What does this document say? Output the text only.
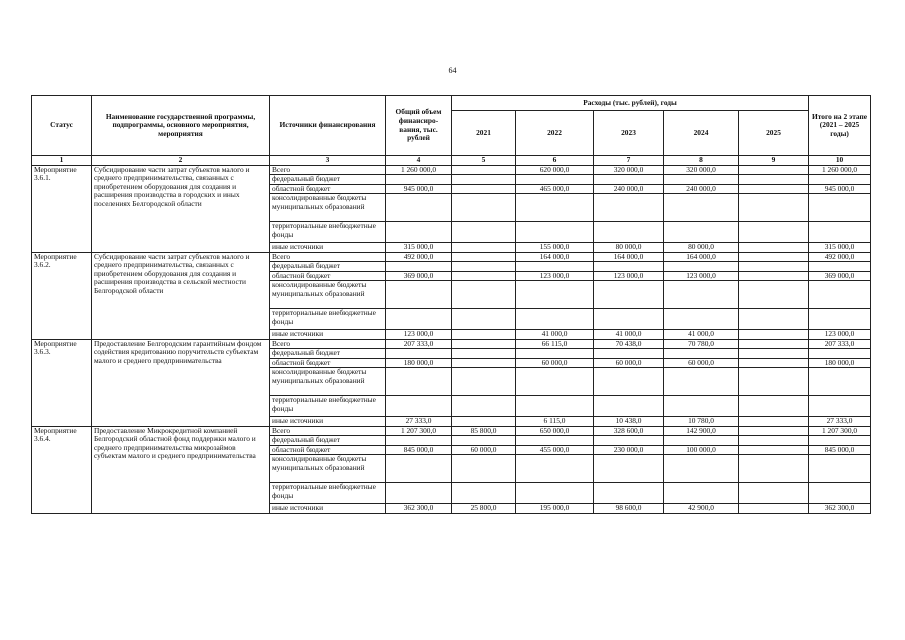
64
Статус	Наименование государственной программы, подпрограммы, основного мероприятия, мероприятия	Источники финансирования	Общий объем финансиро-вания, тыс. рублей	Расходы (тыс. рублей), годы					Итого на 2 этапе (2021 – 2025 годы)
				2021	2022	2023	2024	2025	
1	2	3	4	5	6	7	8	9	10
Мероприятие 3.6.1.	Субсидирование части затрат субъектов малого и среднего предпринимательства, связанных с приобретением оборудования для создания и расширения производства в городских и иных поселениях Белгородской области	Всего	1 260 000,0		620 000,0	320 000,0	320 000,0		1 260 000,0
		федеральный бюджет							
		областной бюджет	945 000,0		465 000,0	240 000,0	240 000,0		945 000,0
		консолидированные бюджеты муниципальных образований							
		территориальные внебюджетные фонды							
		иные источники	315 000,0		155 000,0	80 000,0	80 000,0		315 000,0
Мероприятие 3.6.2.	Субсидирование части затрат субъектов малого и среднего предпринимательства, связанных с приобретением оборудования для создания и расширения производства в сельской местности Белгородской области	Всего	492 000,0		164 000,0	164 000,0	164 000,0		492 000,0
		федеральный бюджет							
		областной бюджет	369 000,0		123 000,0	123 000,0	123 000,0		369 000,0
		консолидированные бюджеты муниципальных образований							
		территориальные внебюджетные фонды							
		иные источники	123 000,0		41 000,0	41 000,0	41 000,0		123 000,0
Мероприятие 3.6.3.	Предоставление Белгородским гарантийным фондом содействия кредитованию поручительств субъектам малого и среднего предпринимательства	Всего	207 333,0		66 115,0	70 438,0	70 780,0		207 333,0
		федеральный бюджет							
		областной бюджет	180 000,0		60 000,0	60 000,0	60 000,0		180 000,0
		консолидированные бюджеты муниципальных образований							
		территориальные внебюджетные фонды							
		иные источники	27 333,0		6 115,0	10 438,0	10 780,0		27 333,0
Мероприятие 3.6.4.	Предоставление Микрокредитной компанией Белгородский областной фонд поддержки малого и среднего предпринимательства микрозаймов субъектам малого и среднего предпринимательства	Всего	1 207 300,0	85 800,0	650 000,0	328 600,0	142 900,0		1 207 300,0
		федеральный бюджет							
		областной бюджет	845 000,0	60 000,0	455 000,0	230 000,0	100 000,0		845 000,0
		консолидированные бюджеты муниципальных образований							
		территориальные внебюджетные фонды							
		иные источники	362 300,0	25 800,0	195 000,0	98 600,0	42 900,0		362 300,0
